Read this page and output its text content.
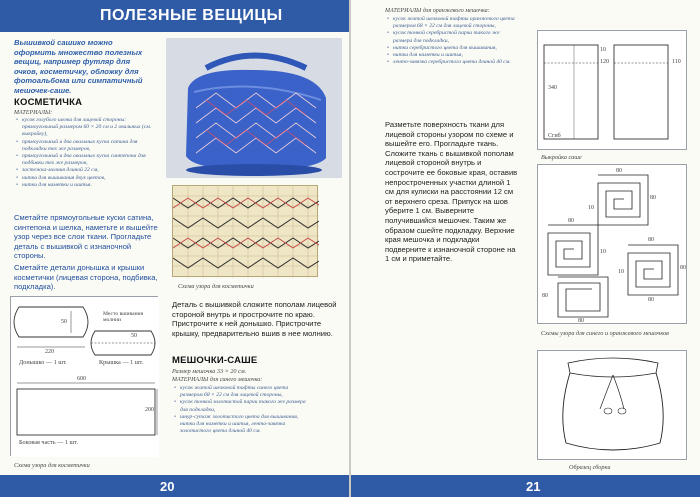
ПОЛЕЗНЫЕ ВЕЩИЦЫ
Вышивкой сашико можно оформить множество полезных вещиц, например футляр для очков, косметичку, обложку для фотоальбома или симпатичный мешочек-саше.
КОСМЕТИЧКА
МАТЕРИАЛЫ:
• кусок голубого шелка для лицевой стороны: прямоугольный размером 60 × 20 см и 2 овальных (см. выкройку),
• прямоугольный и два овальных куска сатина для подкладки тех же размеров,
• прямоугольный и два овальных куска синтепона для подбивки тех же размеров,
• застежка-молния длиной 22 см,
• нитки для вышивания двух цветов,
• нитки для наметки и шитья.
Сметайте прямоугольные куски сатина, синтепона и шелка, наметьте и вышейте узор через все слои ткани. Прогладьте деталь с вышивкой с изнаночной стороны.
Сметайте детали донышка и крышки косметички (лицевая сторона, подбивка, подкладка).	Схема узора для косметички
50
Место вшивания молнии
220
50
Донышко — 1 шт.	Крышка — 1 шт.
600
200
Боковая часть — 1 шт.
Схема узора для косметички
Деталь с вышивкой сложите пополам лицевой стороной внутрь и прострочите по краю. Пристрочите к ней донышко. Пристрочите крышку, предварительно вшив в нее молнию.
МЕШОЧКИ-САШЕ
Размер мешочка 33 × 20 см.
МАТЕРИАЛЫ для синего мешочка:
• кусок жатой шелковой тафты синего цвета размером 68 × 22 см для лицевой стороны,
• кусок тонкой золотистой парчи такого же размера для подкладки,
• шнур-сутаж золотистого цвета для вышивания, нитки для наметки и шитья, лента-завязка золотистого цвета длиной 40 см.
20
МАТЕРИАЛЫ для оранжевого мешочка:
• кусок жатой шелковой тафты оранжевого цвета размером 68 × 22 см для лицевой стороны,
• кусок тонкой серебристой парчи такого же размера для подкладки,
• нитки серебристого цвета для вышивания,
• нитки для наметки и шитья,
• ленто-завязка серебристого цвета длиной 40 см.
Разметьте поверхность ткани для лицевой стороны узором по схеме и вышейте его. Прогладьте ткань. Сложите ткань с вышивкой пополам лицевой стороной внутрь и сострочите ее боковые края, оставив непростроченных участки длиной 1 см для кулиски на расстоянии 12 см от верхнего среза. Припуск на шов уберите 1 см. Выверните получившийся мешочек. Таким же образом сшейте подкладку. Верхние края мешочка и подкладки подверните к изнаночной стороне на 1 см и приметайте.
340
10
120	110
Сгиб
Выкройка саше
80
80
10
80
10
80
80
10
80
80
80
Схемы узора для синего и оранжевого мешочков
Образец сборки
21
